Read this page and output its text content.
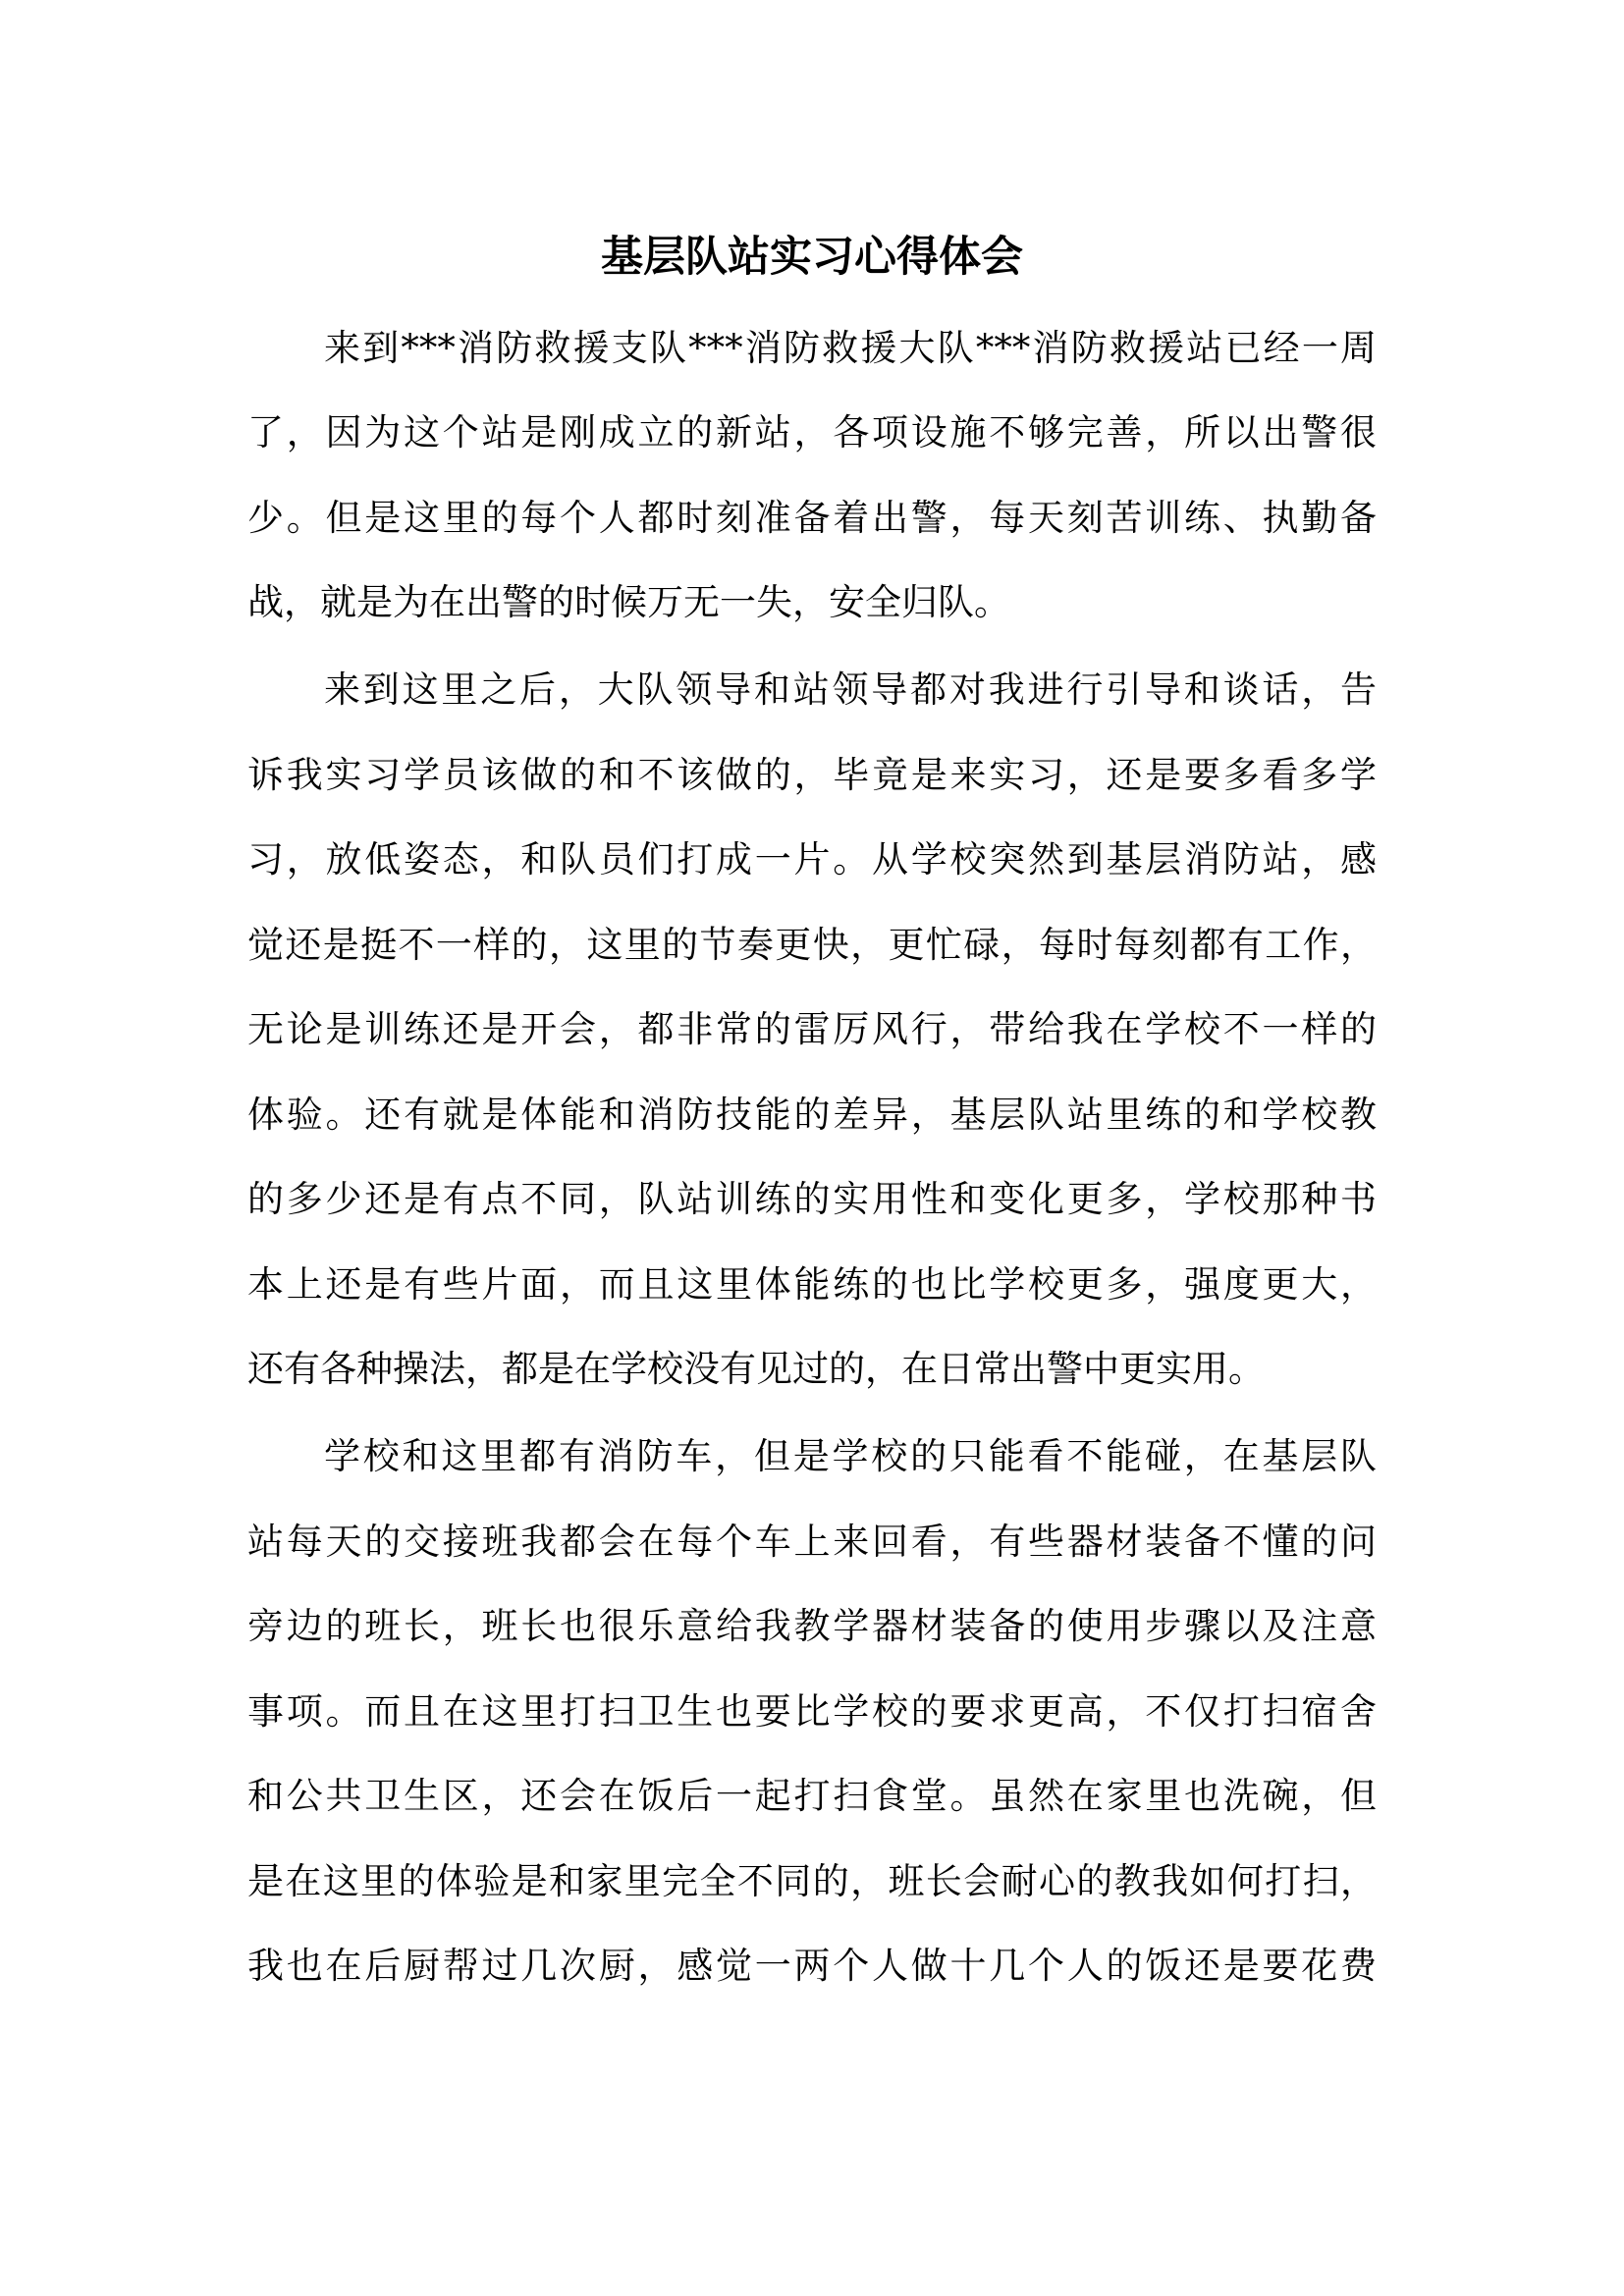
基层队站实习心得体会

来到***消防救援支队***消防救援大队***消防救援站已经一周

了，因为这个站是刚成立的新站，各项设施不够完善，所以出警很

少。但是这里的每个人都时刻准备着出警，每天刻苦训练、执勤备

战，就是为在出警的时候万无一失，安全归队。

来到这里之后，大队领导和站领导都对我进行引导和谈话，告

诉我实习学员该做的和不该做的，毕竟是来实习，还是要多看多学

习，放低姿态，和队员们打成一片。从学校突然到基层消防站，感

觉还是挺不一样的，这里的节奏更快，更忙碌，每时每刻都有工作，

无论是训练还是开会，都非常的雷厉风行，带给我在学校不一样的

体验。还有就是体能和消防技能的差异，基层队站里练的和学校教

的多少还是有点不同，队站训练的实用性和变化更多，学校那种书

本上还是有些片面，而且这里体能练的也比学校更多，强度更大，

还有各种操法，都是在学校没有见过的，在日常出警中更实用。

学校和这里都有消防车，但是学校的只能看不能碰，在基层队

站每天的交接班我都会在每个车上来回看，有些器材装备不懂的问

旁边的班长，班长也很乐意给我教学器材装备的使用步骤以及注意

事项。而且在这里打扫卫生也要比学校的要求更高，不仅打扫宿舍

和公共卫生区，还会在饭后一起打扫食堂。虽然在家里也洗碗，但

是在这里的体验是和家里完全不同的，班长会耐心的教我如何打扫，

我也在后厨帮过几次厨，感觉一两个人做十几个人的饭还是要花费
